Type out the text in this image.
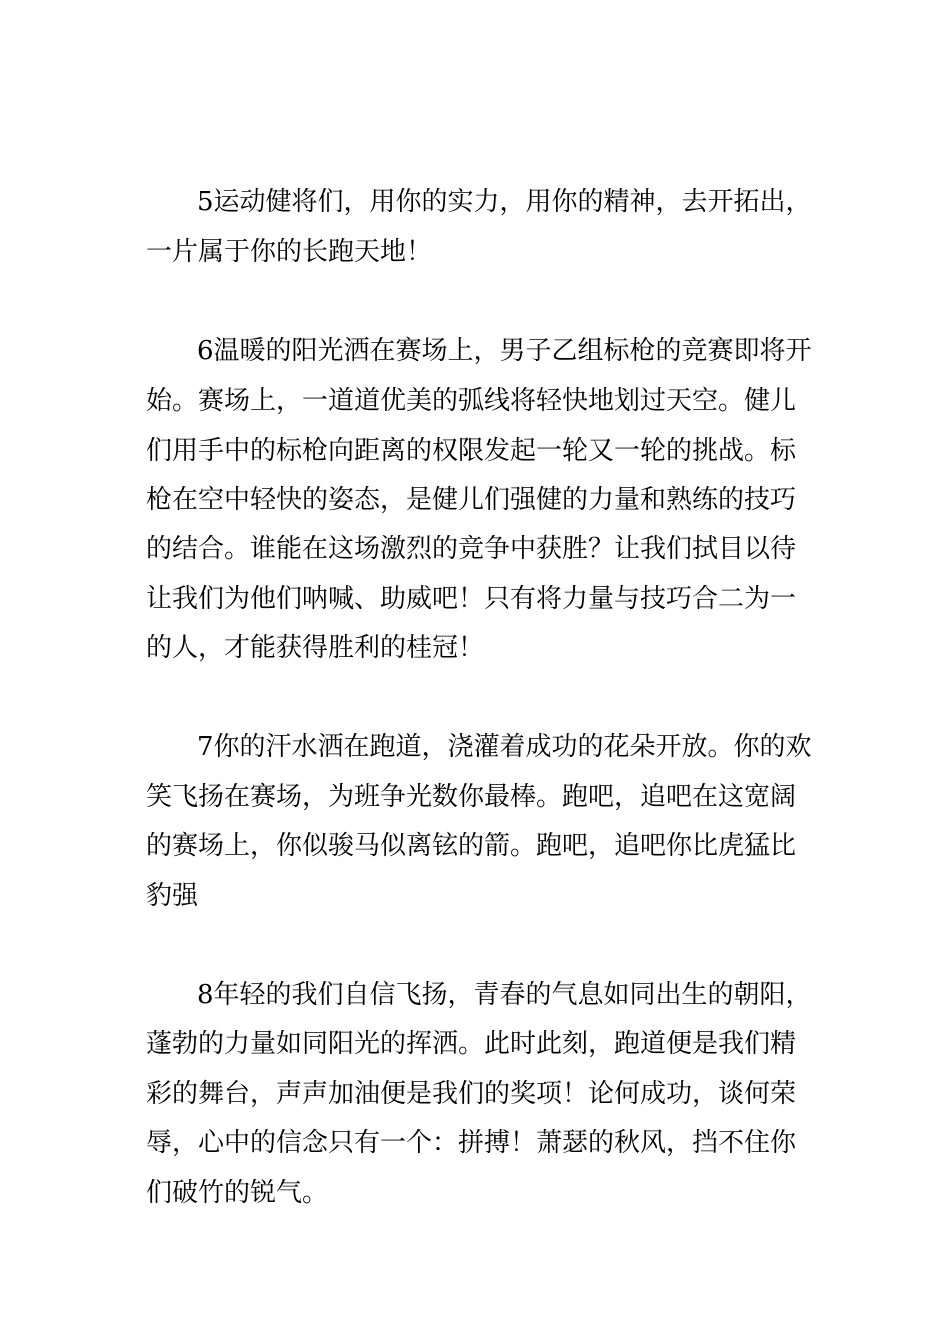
5运动健将们，用你的实力，用你的精神，去开拓出，
一片属于你的长跑天地！
6温暖的阳光洒在赛场上，男子乙组标枪的竞赛即将开
始。赛场上，一道道优美的弧线将轻快地划过天空。健儿
们用手中的标枪向距离的权限发起一轮又一轮的挑战。标
枪在空中轻快的姿态，是健儿们强健的力量和熟练的技巧
的结合。谁能在这场激烈的竞争中获胜？让我们拭目以待
让我们为他们呐喊、助威吧！只有将力量与技巧合二为一
的人，才能获得胜利的桂冠！
7你的汗水洒在跑道，浇灌着成功的花朵开放。你的欢
笑飞扬在赛场，为班争光数你最棒。跑吧，追吧在这宽阔
的赛场上，你似骏马似离铉的箭。跑吧，追吧你比虎猛比
豹强
8年轻的我们自信飞扬，青春的气息如同出生的朝阳，
蓬勃的力量如同阳光的挥洒。此时此刻，跑道便是我们精
彩的舞台，声声加油便是我们的奖项！论何成功，谈何荣
辱，心中的信念只有一个：拼搏！萧瑟的秋风，挡不住你
们破竹的锐气。
